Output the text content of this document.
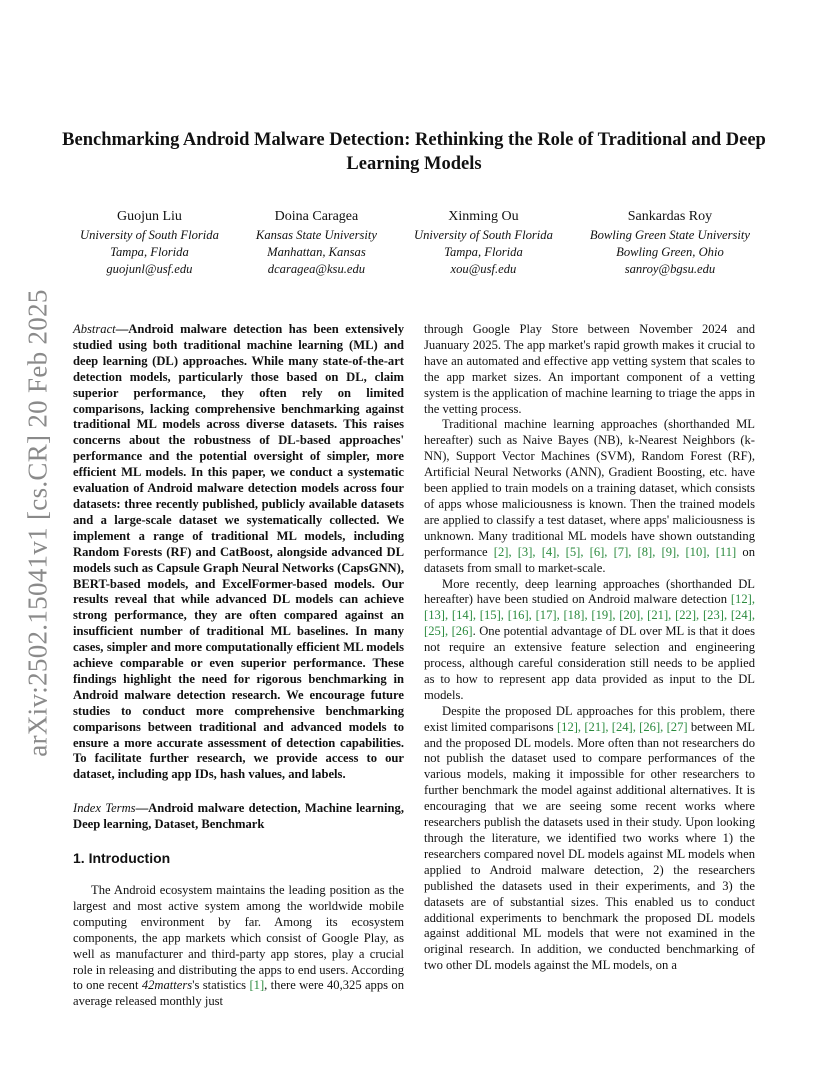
arXiv:2502.15041v1 [cs.CR] 20 Feb 2025
Benchmarking Android Malware Detection: Rethinking the Role of Traditional and Deep Learning Models
Guojun Liu
University of South Florida
Tampa, Florida
guojunl@usf.edu
Doina Caragea
Kansas State University
Manhattan, Kansas
dcaragea@ksu.edu
Xinming Ou
University of South Florida
Tampa, Florida
xou@usf.edu
Sankardas Roy
Bowling Green State University
Bowling Green, Ohio
sanroy@bgsu.edu

Abstract—Android malware detection has been extensively studied using both traditional machine learning (ML) and deep learning (DL) approaches. While many state-of-the-art detection models, particularly those based on DL, claim superior performance, they often rely on limited comparisons, lacking comprehensive benchmarking against traditional ML models across diverse datasets. This raises concerns about the robustness of DL-based approaches' performance and the potential oversight of simpler, more efficient ML models. In this paper, we conduct a systematic evaluation of Android malware detection models across four datasets: three recently published, publicly available datasets and a large-scale dataset we systematically collected. We implement a range of traditional ML models, including Random Forests (RF) and CatBoost, alongside advanced DL models such as Capsule Graph Neural Networks (CapsGNN), BERT-based models, and ExcelFormer-based models. Our results reveal that while advanced DL models can achieve strong performance, they are often compared against an insufficient number of traditional ML baselines. In many cases, simpler and more computationally efficient ML models achieve comparable or even superior performance. These findings highlight the need for rigorous benchmarking in Android malware detection research. We encourage future studies to conduct more comprehensive benchmarking comparisons between traditional and advanced models to ensure a more accurate assessment of detection capabilities. To facilitate further research, we provide access to our dataset, including app IDs, hash values, and labels.

Index Terms—Android malware detection, Machine learning, Deep learning, Dataset, Benchmark

1. Introduction

The Android ecosystem maintains the leading position as the largest and most active system among the worldwide mobile computing environment by far. Among its ecosystem components, the app markets which consist of Google Play, as well as manufacturer and third-party app stores, play a crucial role in releasing and distributing the apps to end users. According to one recent 42matters's statistics [1], there were 40,325 apps on average released monthly just

through Google Play Store between November 2024 and Juanuary 2025. The app market's rapid growth makes it crucial to have an automated and effective app vetting system that scales to the app market sizes. An important component of a vetting system is the application of machine learning to triage the apps in the vetting process.

Traditional machine learning approaches (shorthanded ML hereafter) such as Naive Bayes (NB), k-Nearest Neighbors (k-NN), Support Vector Machines (SVM), Random Forest (RF), Artificial Neural Networks (ANN), Gradient Boosting, etc. have been applied to train models on a training dataset, which consists of apps whose maliciousness is known. Then the trained models are applied to classify a test dataset, where apps' maliciousness is unknown. Many traditional ML models have shown outstanding performance [2], [3], [4], [5], [6], [7], [8], [9], [10], [11] on datasets from small to market-scale.

More recently, deep learning approaches (shorthanded DL hereafter) have been studied on Android malware detection [12], [13], [14], [15], [16], [17], [18], [19], [20], [21], [22], [23], [24], [25], [26]. One potential advantage of DL over ML is that it does not require an extensive feature selection and engineering process, although careful consideration still needs to be applied as to how to represent app data provided as input to the DL models.

Despite the proposed DL approaches for this problem, there exist limited comparisons [12], [21], [24], [26], [27] between ML and the proposed DL models. More often than not researchers do not publish the dataset used to compare performances of the various models, making it impossible for other researchers to further benchmark the model against additional alternatives. It is encouraging that we are seeing some recent works where researchers publish the datasets used in their study. Upon looking through the literature, we identified two works where 1) the researchers compared novel DL models against ML models when applied to Android malware detection, 2) the researchers published the datasets used in their experiments, and 3) the datasets are of substantial sizes. This enabled us to conduct additional experiments to benchmark the proposed DL models against additional ML models that were not examined in the original research. In addition, we conducted benchmarking of two other DL models against the ML models, on a
